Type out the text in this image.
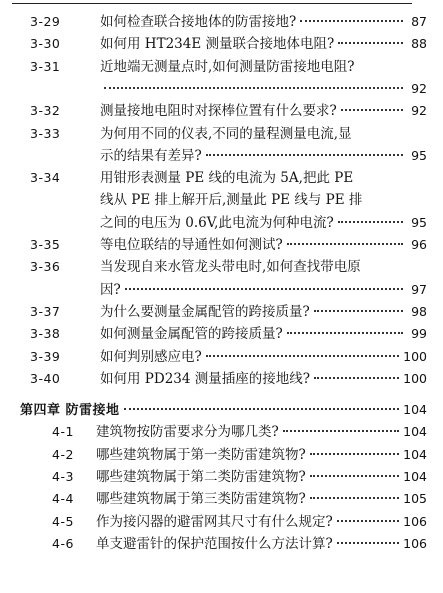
3-29	如何检查联合接地体的防雷接地?	87
3-30	如何用 HT234E 测量联合接地体电阻?	88
3-31	近地端无测量点时,如何测量防雷接地电阻?
92
3-32	测量接地电阻时对探棒位置有什么要求?	92
3-33	为何用不同的仪表,不同的量程测量电流,显
示的结果有差异?	95
3-34	用钳形表测量 PE 线的电流为 5A,把此 PE
线从 PE 排上解开后,测量此 PE 线与 PE 排
之间的电压为 0.6V,此电流为何种电流?	95
3-35	等电位联结的导通性如何测试?	96
3-36	当发现自来水管龙头带电时,如何查找带电原
因?	97
3-37	为什么要测量金属配管的跨接质量?	98
3-38	如何测量金属配管的跨接质量?	99
3-39	如何判别感应电?	100
3-40	如何用 PD234 测量插座的接地线?	100
第四章 防雷接地	104
4-1 建筑物按防雷要求分为哪几类?	104
4-2 哪些建筑物属于第一类防雷建筑物?	104
4-3 哪些建筑物属于第二类防雷建筑物?	104
4-4 哪些建筑物属于第三类防雷建筑物?	105
4-5 作为接闪器的避雷网其尺寸有什么规定?	106
4-6 单支避雷针的保护范围按什么方法计算?	106
